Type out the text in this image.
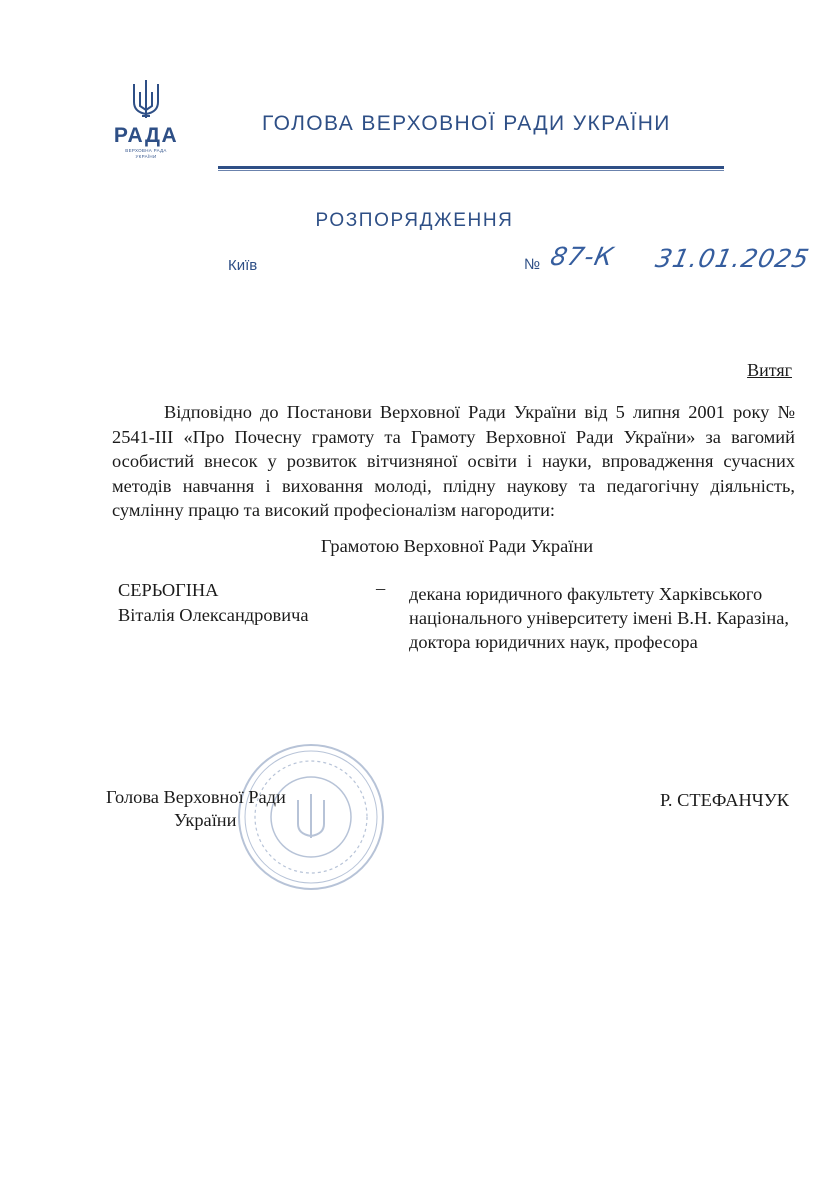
РАДА
ВЕРХОВНА РАДА
УКРАЇНИ
ГОЛОВА ВЕРХОВНОЇ РАДИ УКРАЇНИ
РОЗПОРЯДЖЕННЯ
Київ	№ 87-К 31.01.2025
Витяг
Відповідно до Постанови Верховної Ради України від 5 липня 2001 року № 2541-III «Про Почесну грамоту та Грамоту Верховної Ради України» за вагомий особистий внесок у розвиток вітчизняної освіти і науки, впровадження сучасних методів навчання і виховання молоді, плідну наукову та педагогічну діяльність, сумлінну працю та високий професіоналізм нагородити:
Грамотою Верховної Ради України
СЕРЬОГІНА
Віталія Олександровича
– декана юридичного факультету Харківського національного університету імені В.Н. Каразіна, доктора юридичних наук, професора
Голова Верховної Ради
України
Р. СТЕФАНЧУК
